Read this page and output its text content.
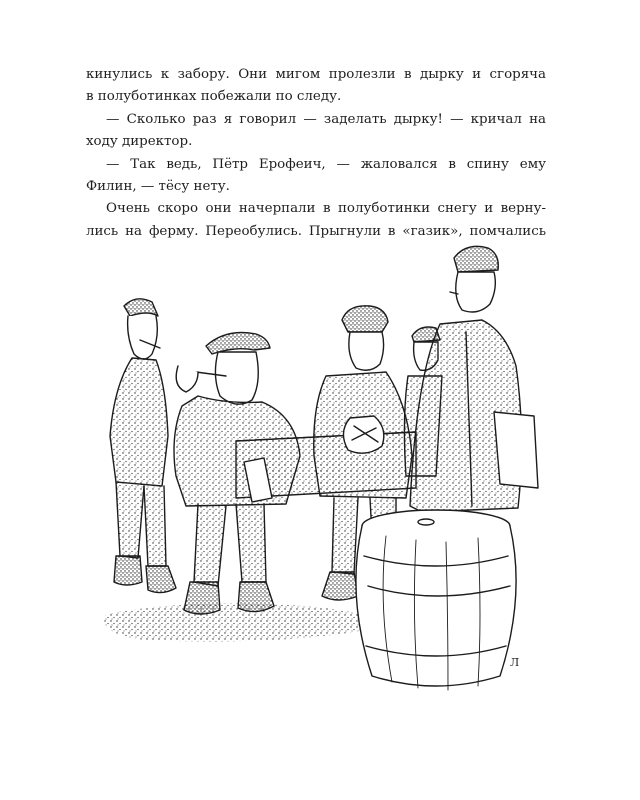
кинулись к забору. Они мигом пролезли в дырку и сгоряча
в полуботинках побежали по следу.
— Сколько раз я говорил — заделать дырку! — кричал на
ходу директор.
— Так ведь, Пётр Ерофеич, — жаловался в спину ему
Филин, — тёсу нету.
Очень скоро они начерпали в полуботинки снегу и верну-
лись на ферму. Переобулись. Прыгнули в «газик», помчались
Л
